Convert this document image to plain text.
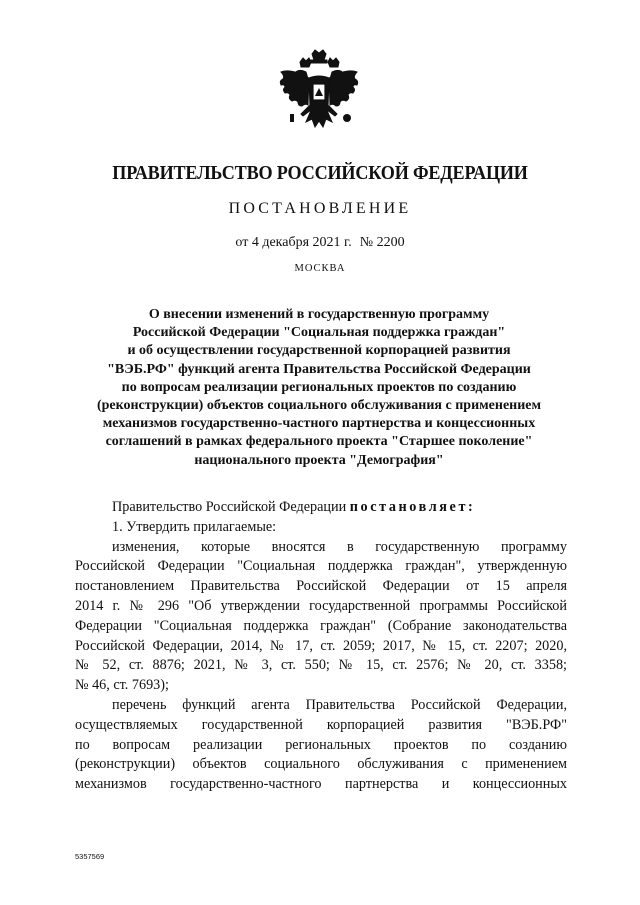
ПРАВИТЕЛЬСТВО РОССИЙСКОЙ ФЕДЕРАЦИИ
ПОСТАНОВЛЕНИЕ
от 4 декабря 2021 г. № 2200
МОСКВА
О внесении изменений в государственную программу
Российской Федерации "Социальная поддержка граждан"
и об осуществлении государственной корпорацией развития
"ВЭБ.РФ" функций агента Правительства Российской Федерации
по вопросам реализации региональных проектов по созданию
(реконструкции) объектов социального обслуживания с применением
механизмов государственно-частного партнерства и концессионных
соглашений в рамках федерального проекта "Старшее поколение"
национального проекта "Демография"
Правительство Российской Федерации постановляет:
1. Утвердить прилагаемые:
изменения, которые вносятся в государственную программу
Российской Федерации "Социальная поддержка граждан", утвержденную
постановлением Правительства Российской Федерации от 15 апреля
2014 г. № 296 "Об утверждении государственной программы Российской
Федерации "Социальная поддержка граждан" (Собрание законодательства
Российской Федерации, 2014, № 17, ст. 2059; 2017, № 15, ст. 2207; 2020,
№ 52, ст. 8876; 2021, № 3, ст. 550; № 15, ст. 2576; № 20, ст. 3358;
№ 46, ст. 7693);
перечень функций агента Правительства Российской Федерации,
осуществляемых государственной корпорацией развития "ВЭБ.РФ"
по вопросам реализации региональных проектов по созданию
(реконструкции) объектов социального обслуживания с применением
механизмов государственно-частного партнерства и концессионных
5357569
